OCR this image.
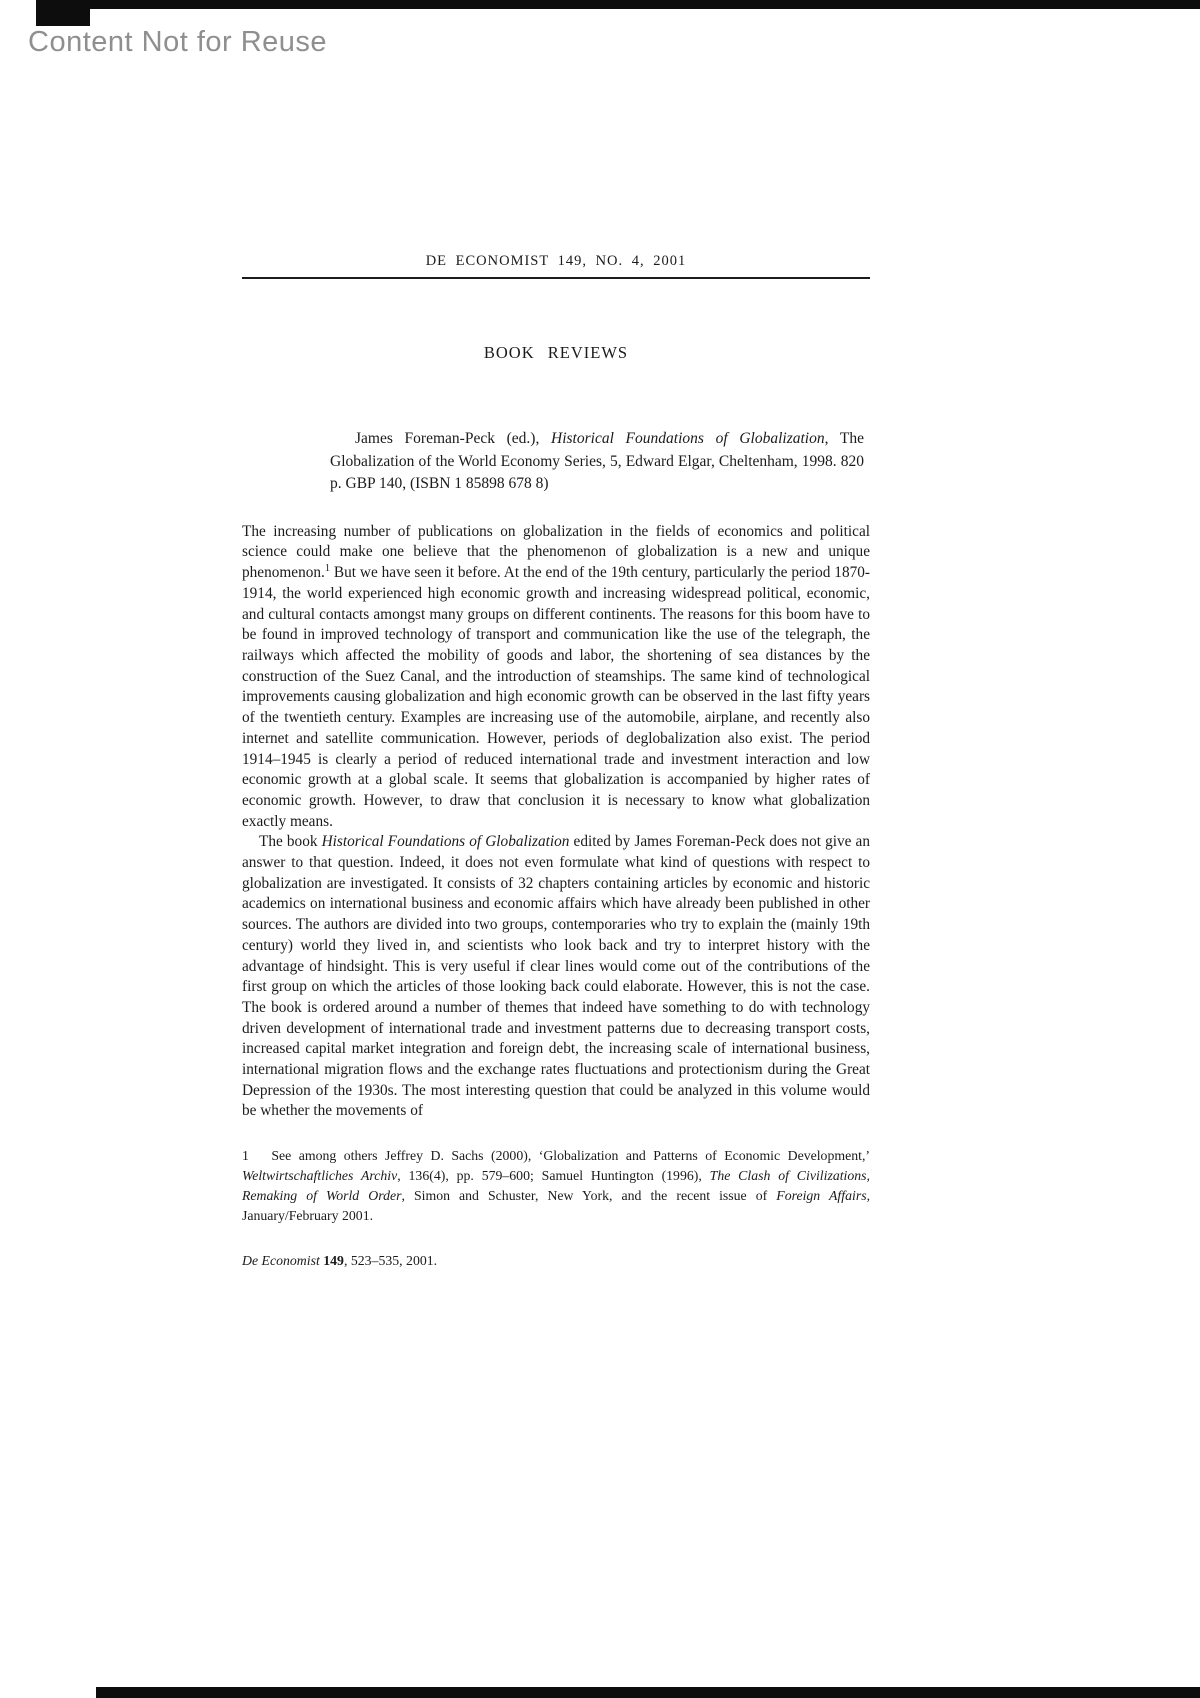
Content Not for Reuse
DE ECONOMIST 149, NO. 4, 2001
BOOK REVIEWS
James Foreman-Peck (ed.), Historical Foundations of Globalization, The Globalization of the World Economy Series, 5, Edward Elgar, Cheltenham, 1998. 820 p. GBP 140, (ISBN 1 85898 678 8)

The increasing number of publications on globalization in the fields of economics and political science could make one believe that the phenomenon of globalization is a new and unique phenomenon.$^1$ But we have seen it before. At the end of the 19th century, particularly the period 1870-1914, the world experienced high economic growth and increasing widespread political, economic, and cultural contacts amongst many groups on different continents. The reasons for this boom have to be found in improved technology of transport and communication like the use of the telegraph, the railways which affected the mobility of goods and labor, the shortening of sea distances by the construction of the Suez Canal, and the introduction of steamships. The same kind of technological improvements causing globalization and high economic growth can be observed in the last fifty years of the twentieth century. Examples are increasing use of the automobile, airplane, and recently also internet and satellite communication. However, periods of deglobalization also exist. The period 1914–1945 is clearly a period of reduced international trade and investment interaction and low economic growth at a global scale. It seems that globalization is accompanied by higher rates of economic growth. However, to draw that conclusion it is necessary to know what globalization exactly means.

The book Historical Foundations of Globalization edited by James Foreman-Peck does not give an answer to that question. Indeed, it does not even formulate what kind of questions with respect to globalization are investigated. It consists of 32 chapters containing articles by economic and historic academics on international business and economic affairs which have already been published in other sources. The authors are divided into two groups, contemporaries who try to explain the (mainly 19th century) world they lived in, and scientists who look back and try to interpret history with the advantage of hindsight. This is very useful if clear lines would come out of the contributions of the first group on which the articles of those looking back could elaborate. However, this is not the case. The book is ordered around a number of themes that indeed have something to do with technology driven development of international trade and investment patterns due to decreasing transport costs, increased capital market integration and foreign debt, the increasing scale of international business, international migration flows and the exchange rates fluctuations and protectionism during the Great Depression of the 1930s. The most interesting question that could be analyzed in this volume would be whether the movements of

1   See among others Jeffrey D. Sachs (2000), ‘Globalization and Patterns of Economic Development,’ Weltwirtschaftliches Archiv, 136(4), pp. 579–600; Samuel Huntington (1996), The Clash of Civilizations, Remaking of World Order, Simon and Schuster, New York, and the recent issue of Foreign Affairs, January/February 2001.
De Economist 149, 523–535, 2001.
